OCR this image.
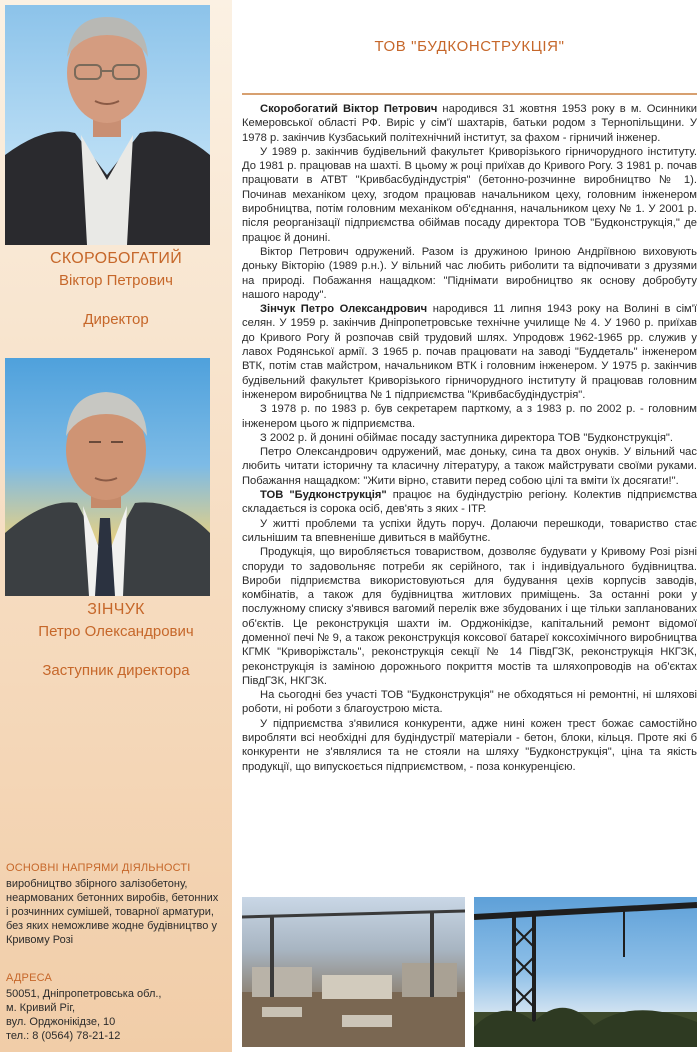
СКОРОБОГАТИЙ
Віктор Петрович
Директор
ЗІНЧУК
Петро Олександрович
Заступник директора
ОСНОВНІ НАПРЯМИ ДІЯЛЬНОСТІ
виробництво збірного залізобетону, неармованих бетонних виробів, бетонних і розчинних сумішей, товарної арматури, без яких неможливе жодне будівництво у Кривому Розі
АДРЕСА
50051, Дніпропетровська обл.,
м. Кривий Ріг,
вул. Орджонікідзе, 10
тел.: 8 (0564) 78-21-12
ТОВ "БУДКОНСТРУКЦІЯ"

Скоробогатий Віктор Петрович народився 31 жовтня 1953 року в м. Осинники Кемеровської області РФ. Виріс у сім'ї шахтарів, батьки родом з Тернопільщини. У 1978 р. закінчив Кузбаський політехнічний інститут, за фахом - гірничий інженер.

У 1989 р. закінчив будівельний факультет Криворізького гірничорудного інституту. До 1981 р. працював на шахті. В цьому ж році приїхав до Кривого Рогу. З 1981 р. почав працювати в АТВТ "Кривбасбудіндустрія" (бетонно-розчинне виробництво № 1). Починав механіком цеху, згодом працював начальником цеху, головним інженером виробництва, потім головним механіком об'єднання, начальником цеху № 1. У 2001 р. після реорганізації підприємства обіймав посаду директора ТОВ "Будконструкція," де працює й донині.

Віктор Петрович одружений. Разом із дружиною Іриною Андріївною виховують доньку Вікторію (1989 р.н.). У вільний час любить риболити та відпочивати з друзями на природі. Побажання нащадком: "Піднімати виробництво як основу добробуту нашого народу".

Зінчук Петро Олександрович народився 11 липня 1943 року на Волині в сім'ї селян. У 1959 р. закінчив Дніпропетровське технічне училище № 4. У 1960 р. приїхав до Кривого Рогу й розпочав свій трудовий шлях. Упродовж 1962-1965 рр. служив у лавох Родянської армії. З 1965 р. почав працювати на заводі "Буддеталь" інженером ВТК, потім став майстром, начальником ВТК і головним інженером. У 1975 р. закінчив будівельний факультет Криворізького гірничорудного інституту й працював головним інженером виробництва № 1 підприємства "Кривбасбудіндустрія".

З 1978 р. по 1983 р. був секретарем парткому, а з 1983 р. по 2002 р. - головним інженером цього ж підприємства.

З 2002 р. й донині обіймає посаду заступника директора ТОВ "Будконструкція".

Петро Олександрович одружений, має доньку, сина та двох онуків. У вільний час любить читати історичну та класичну літературу, а також майструвати своїми руками. Побажання нащадком: "Жити вірно, ставити перед собою цілі та вміти їх досягати!".

ТОВ "Будконструкція" працює на будіндустрію регіону. Колектив підприємства складається із сорока осіб, дев'ять з яких - ІТР.

У житті проблеми та успіхи йдуть поруч. Долаючи перешкоди, товариство стає сильнішим та впевненіше дивиться в майбутнє.

Продукція, що виробляється товариством, дозволяє будувати у Кривому Розі різні споруди то задовольняє потреби як серійного, так і індивідуального будівництва. Вироби підприємства використовуються для будування цехів корпусів заводів, комбінатів, а також для будівництва житлових приміщень. За останні роки у послужному списку з'явився вагомий перелік вже збудованих і ще тільки запланованих об'єктів. Це реконструкція шахти ім. Орджонікідзе, капітальний ремонт відомої доменної печі № 9, а також реконструкція коксової батареї коксохімічного виробництва КГМК "Криворіжсталь", реконструкція секції № 14 ПівдГЗК, реконструкція НКГЗК, реконструкція із заміною дорожнього покриття мостів та шляхопроводів на об'єктах ПівдГЗК, НКГЗК.

На сьогодні без участі ТОВ "Будконструкція" не обходяться ні ремонтні, ні шляхові роботи, ні роботи з благоустрою міста.

У підприємства з'явилися конкуренти, адже нині кожен трест божає самостійно виробляти всі необхідні для будіндустрії матеріали - бетон, блоки, кільця. Проте які б конкуренти не з'являлися та не стояли на шляху "Будконструкція", ціна та якість продукції, що випускоється підприємством, - поза конкуренцією.
